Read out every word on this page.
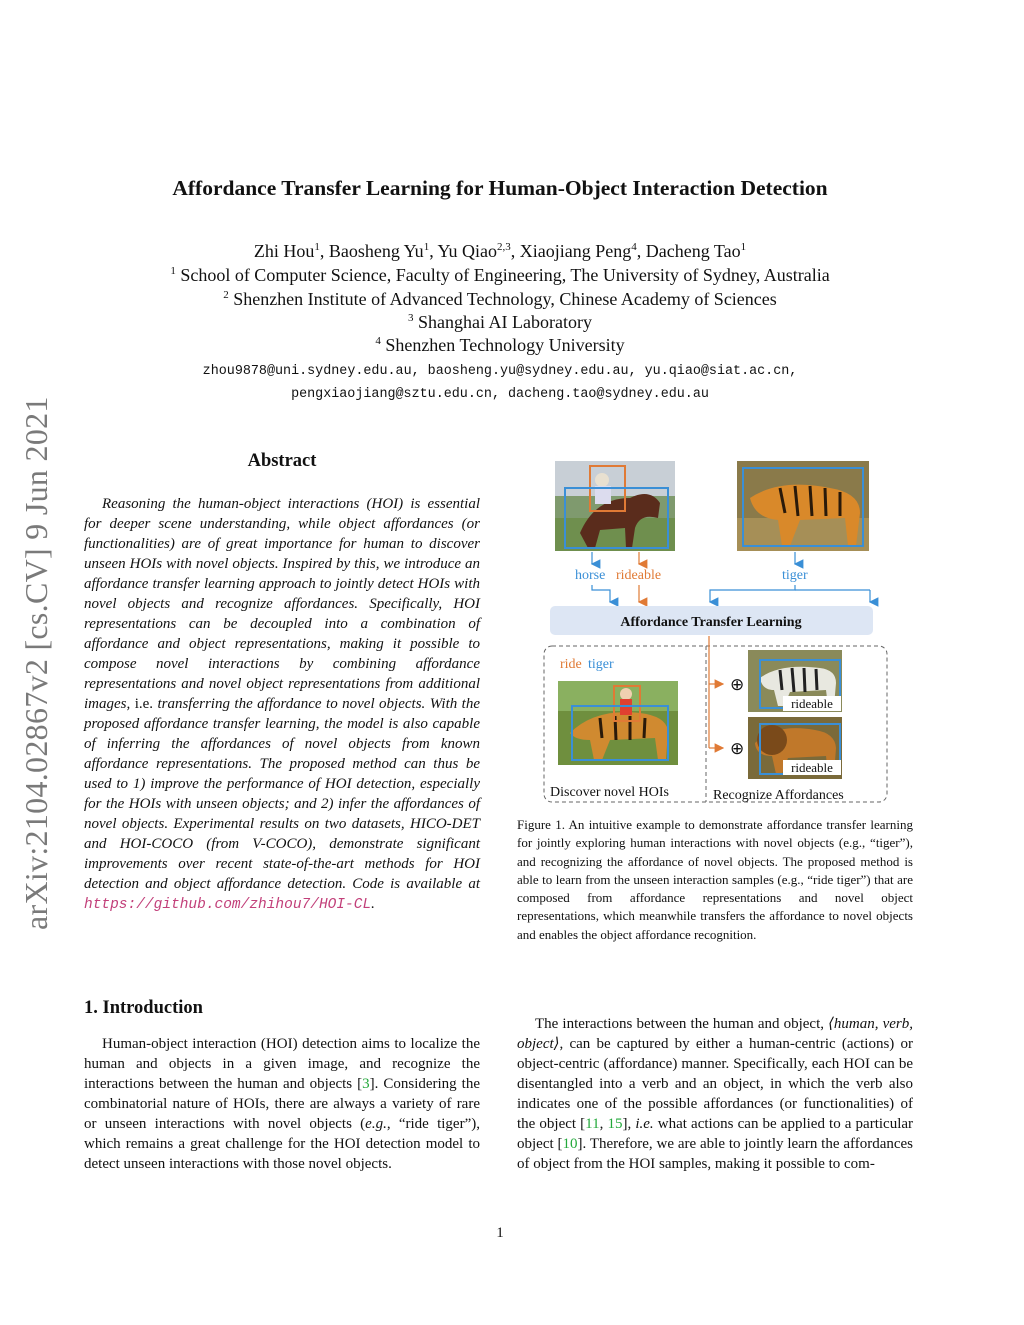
arXiv:2104.02867v2 [cs.CV] 9 Jun 2021
Affordance Transfer Learning for Human-Object Interaction Detection
Zhi Hou$^1$, Baosheng Yu$^1$, Yu Qiao$^{2,3}$, Xiaojiang Peng$^4$, Dacheng Tao$^1$
$^1$ School of Computer Science, Faculty of Engineering, The University of Sydney, Australia
$^2$ Shenzhen Institute of Advanced Technology, Chinese Academy of Sciences
$^3$ Shanghai AI Laboratory
$^4$ Shenzhen Technology University
zhou9878@uni.sydney.edu.au, baosheng.yu@sydney.edu.au, yu.qiao@siat.ac.cn,
pengxiaojiang@sztu.edu.cn, dacheng.tao@sydney.edu.au
Abstract

Reasoning the human-object interactions (HOI) is essential for deeper scene understanding, while object affordances (or functionalities) are of great importance for human to discover unseen HOIs with novel objects. Inspired by this, we introduce an affordance transfer learning approach to jointly detect HOIs with novel objects and recognize affordances. Specifically, HOI representations can be decoupled into a combination of affordance and object representations, making it possible to compose novel interactions by combining affordance representations and novel object representations from additional images, i.e. transferring the affordance to novel objects. With the proposed affordance transfer learning, the model is also capable of inferring the affordances of novel objects from known affordance representations. The proposed method can thus be used to 1) improve the performance of HOI detection, especially for the HOIs with unseen objects; and 2) infer the affordances of novel objects. Experimental results on two datasets, HICO-DET and HOI-COCO (from V-COCO), demonstrate significant improvements over recent state-of-the-art methods for HOI detection and object affordance detection. Code is available at https://github.com/zhihou7/HOI-CL.

horse rideable	tiger
Affordance Transfer Learning
ride tiger
Discover novel HOIs	Recognize Affordances
⊕
⊕
rideable
rideable

Figure 1. An intuitive example to demonstrate affordance transfer learning for jointly exploring human interactions with novel objects (e.g., “tiger”), and recognizing the affordance of novel objects. The proposed method is able to learn from the unseen interaction samples (e.g., “ride tiger”) that are composed from affordance representations and novel object representations, which meanwhile transfers the affordance to novel objects and enables the object affordance recognition.

1. Introduction

Human-object interaction (HOI) detection aims to localize the human and objects in a given image, and recognize the interactions between the human and objects [3]. Considering the combinatorial nature of HOIs, there are always a variety of rare or unseen interactions with novel objects (e.g., “ride tiger”), which remains a great challenge for the HOI detection model to detect unseen interactions with those novel objects.

The interactions between the human and object, ⟨human, verb, object⟩, can be captured by either a human-centric (actions) or object-centric (affordance) manner. Specifically, each HOI can be disentangled into a verb and an object, in which the verb also indicates one of the possible affordances (or functionalities) of the object [11, 15], i.e. what actions can be applied to a particular object [10]. Therefore, we are able to jointly learn the affordances of object from the HOI samples, making it possible to com-

1
